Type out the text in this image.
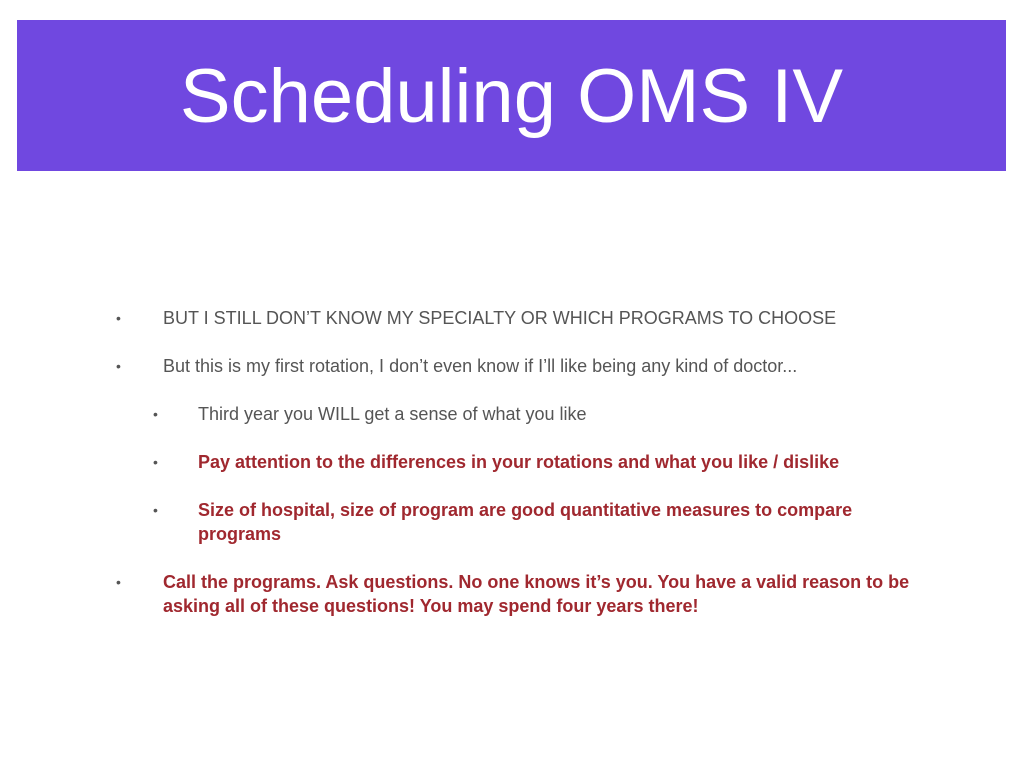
Scheduling OMS IV
•	BUT I STILL DON’T KNOW MY SPECIALTY OR WHICH PROGRAMS TO CHOOSE
•	But this is my first rotation, I don’t even know if I’ll like being any kind of doctor...
•	Third year you WILL get a sense of what you like
•	Pay attention to the differences in your rotations and what you like / dislike
•	Size of hospital, size of program are good quantitative measures to compare programs
•	Call the programs. Ask questions. No one knows it’s you. You have a valid reason to be asking all of these questions! You may spend four years there!
